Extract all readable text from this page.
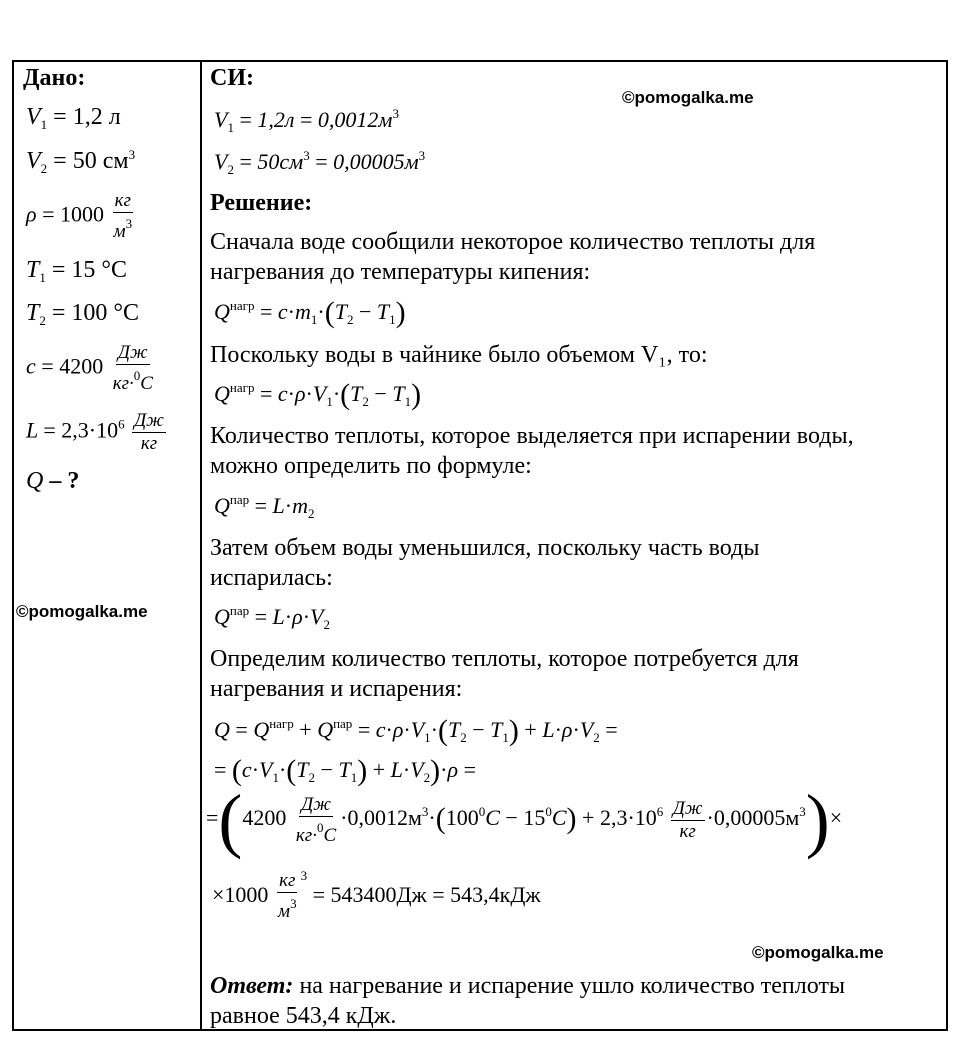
Дано:
$V_1 = 1,2$ л
$V_2 = 50$ $см^3$
$\rho = 1000 \frac{кг}{м^3}$
$T_1 = 15$ °C
$T_2 = 100$ °C
$c = 4200 \frac{Дж}{кг\cdot^0C}$
$L = 2,3\cdot 10^6 \frac{Дж}{кг}$
Q – ?
©pomogalka.me
СИ:
©pomogalka.me
$V_1 = 1,2л = 0,0012м^3$
$V_2 = 50см^3 = 0,00005м^3$
Решение:
Сначала воде сообщили некоторое количество теплоты для
нагревания до температуры кипения:
$Q^{нагр} = c\cdot m_1\cdot(T_2 - T_1)$
Поскольку воды в чайнике было объемом V₁, то:
$Q^{нагр} = c\cdot\rho\cdot V_1\cdot(T_2 - T_1)$
Количество теплоты, которое выделяется при испарении воды,
можно определить по формуле:
$Q^{пар} = L\cdot m_2$
Затем объем воды уменьшился, поскольку часть воды
испарилась:
$Q^{пар} = L\cdot\rho\cdot V_2$
Определим количество теплоты, которое потребуется для
нагревания и испарения:
$Q = Q^{нагр} + Q^{пар} = c\cdot\rho\cdot V_1\cdot(T_2 - T_1) + L\cdot\rho\cdot V_2$ =
= $(c\cdot V_1\cdot(T_2 - T_1) + L\cdot V_2)\cdot\rho$ =
$=(4200 \frac{Дж}{кг\cdot^0C} \cdot 0,0012м^3\cdot(100^0C - 15^0C) + 2,3\cdot 10^6 \frac{Дж}{кг} \cdot 0,00005м^3)\times$
$\times 1000 \frac{кг}{м^3} ^3 = 543400Дж = 543,4кДж$
©pomogalka.me
Ответ: на нагревание и испарение ушло количество теплоты
равное 543,4 кДж.
